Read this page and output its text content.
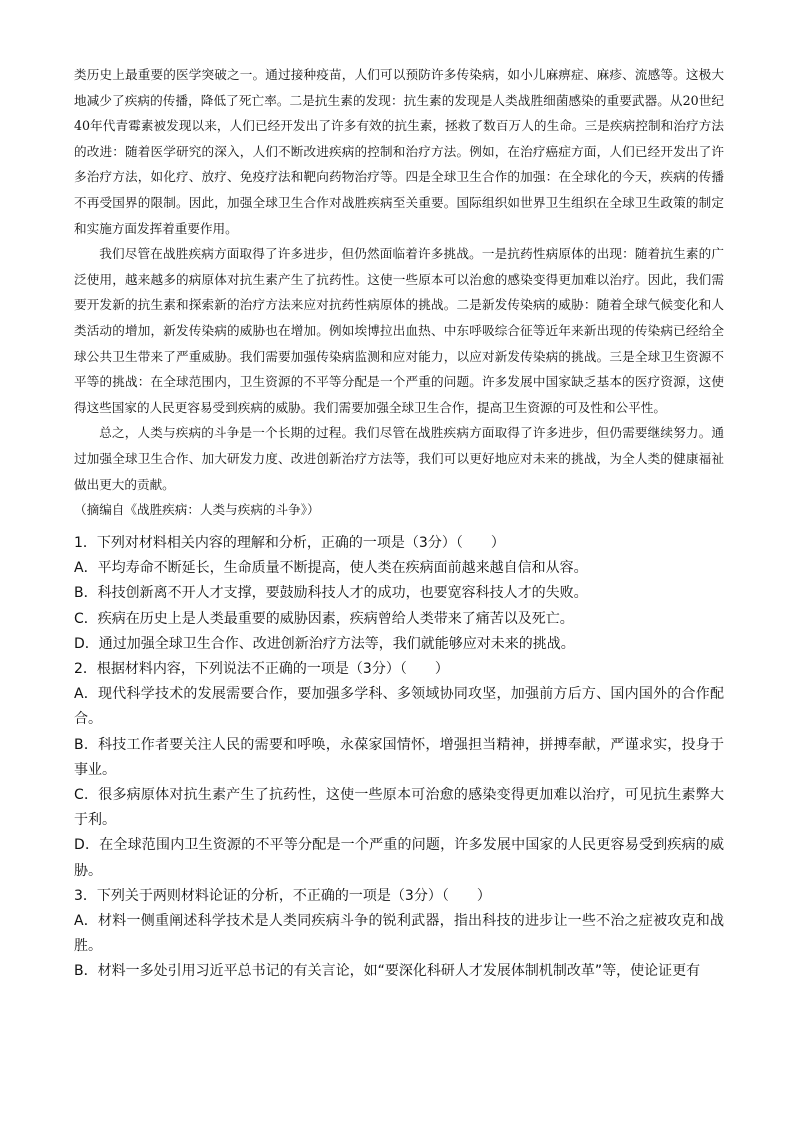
类历史上最重要的医学突破之一。通过接种疫苗，人们可以预防许多传染病，如小儿麻痹症、麻疹、流感等。这极大地减少了疾病的传播，降低了死亡率。二是抗生素的发现：抗生素的发现是人类战胜细菌感染的重要武器。从20世纪40年代青霉素被发现以来，人们已经开发出了许多有效的抗生素，拯救了数百万人的生命。三是疾病控制和治疗方法的改进：随着医学研究的深入，人们不断改进疾病的控制和治疗方法。例如，在治疗癌症方面，人们已经开发出了许多治疗方法，如化疗、放疗、免疫疗法和靶向药物治疗等。四是全球卫生合作的加强：在全球化的今天，疾病的传播不再受国界的限制。因此，加强全球卫生合作对战胜疾病至关重要。国际组织如世界卫生组织在全球卫生政策的制定和实施方面发挥着重要作用。

我们尽管在战胜疾病方面取得了许多进步，但仍然面临着许多挑战。一是抗药性病原体的出现：随着抗生素的广泛使用，越来越多的病原体对抗生素产生了抗药性。这使一些原本可以治愈的感染变得更加难以治疗。因此，我们需要开发新的抗生素和探索新的治疗方法来应对抗药性病原体的挑战。二是新发传染病的威胁：随着全球气候变化和人类活动的增加，新发传染病的威胁也在增加。例如埃博拉出血热、中东呼吸综合征等近年来新出现的传染病已经给全球公共卫生带来了严重威胁。我们需要加强传染病监测和应对能力，以应对新发传染病的挑战。三是全球卫生资源不平等的挑战：在全球范围内，卫生资源的不平等分配是一个严重的问题。许多发展中国家缺乏基本的医疗资源，这使得这些国家的人民更容易受到疾病的威胁。我们需要加强全球卫生合作，提高卫生资源的可及性和公平性。

总之，人类与疾病的斗争是一个长期的过程。我们尽管在战胜疾病方面取得了许多进步，但仍需要继续努力。通过加强全球卫生合作、加大研发力度、改进创新治疗方法等，我们可以更好地应对未来的挑战，为全人类的健康福祉做出更大的贡献。

（摘编自《战胜疾病：人类与疾病的斗争》）

1．下列对材料相关内容的理解和分析，正确的一项是（3分）（　　）

A．平均寿命不断延长，生命质量不断提高，使人类在疾病面前越来越自信和从容。

B．科技创新离不开人才支撑，要鼓励科技人才的成功，也要宽容科技人才的失败。

C．疾病在历史上是人类最重要的威胁因素，疾病曾给人类带来了痛苦以及死亡。

D．通过加强全球卫生合作、改进创新治疗方法等，我们就能够应对未来的挑战。

2．根据材料内容，下列说法不正确的一项是（3分）（　　）

A．现代科学技术的发展需要合作，要加强多学科、多领域协同攻坚，加强前方后方、国内国外的合作配合。

B．科技工作者要关注人民的需要和呼唤，永葆家国情怀，增强担当精神，拼搏奉献，严谨求实，投身于事业。

C．很多病原体对抗生素产生了抗药性，这使一些原本可治愈的感染变得更加难以治疗，可见抗生素弊大于利。

D．在全球范围内卫生资源的不平等分配是一个严重的问题，许多发展中国家的人民更容易受到疾病的威胁。

3．下列关于两则材料论证的分析，不正确的一项是（3分）（　　）

A．材料一侧重阐述科学技术是人类同疾病斗争的锐利武器，指出科技的进步让一些不治之症被攻克和战胜。

B．材料一多处引用习近平总书记的有关言论，如“要深化科研人才发展体制机制改革”等，使论证更有
